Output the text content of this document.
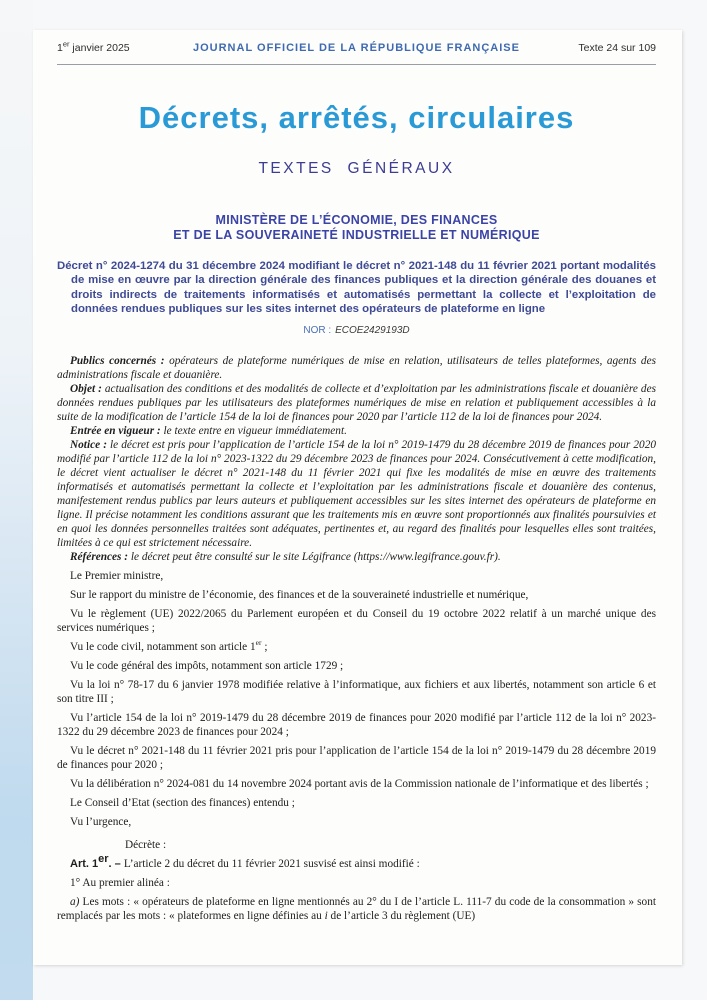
1er janvier 2025	JOURNAL OFFICIEL DE LA RÉPUBLIQUE FRANÇAISE	Texte 24 sur 109
Décrets, arrêtés, circulaires
TEXTES GÉNÉRAUX
MINISTÈRE DE L’ÉCONOMIE, DES FINANCES
ET DE LA SOUVERAINETÉ INDUSTRIELLE ET NUMÉRIQUE
Décret n° 2024-1274 du 31 décembre 2024 modifiant le décret n° 2021-148 du 11 février 2021 portant modalités de mise en œuvre par la direction générale des finances publiques et la direction générale des douanes et droits indirects de traitements informatisés et automatisés permettant la collecte et l’exploitation de données rendues publiques sur les sites internet des opérateurs de plateforme en ligne
NOR : ECOE2429193D

Publics concernés : opérateurs de plateforme numériques de mise en relation, utilisateurs de telles plateformes, agents des administrations fiscale et douanière.

Objet : actualisation des conditions et des modalités de collecte et d’exploitation par les administrations fiscale et douanière des données rendues publiques par les utilisateurs des plateformes numériques de mise en relation et publiquement accessibles à la suite de la modification de l’article 154 de la loi de finances pour 2020 par l’article 112 de la loi de finances pour 2024.

Entrée en vigueur : le texte entre en vigueur immédiatement.

Notice : le décret est pris pour l’application de l’article 154 de la loi n° 2019-1479 du 28 décembre 2019 de finances pour 2020 modifié par l’article 112 de la loi n° 2023-1322 du 29 décembre 2023 de finances pour 2024. Consécutivement à cette modification, le décret vient actualiser le décret n° 2021-148 du 11 février 2021 qui fixe les modalités de mise en œuvre des traitements informatisés et automatisés permettant la collecte et l’exploitation par les administrations fiscale et douanière des contenus, manifestement rendus publics par leurs auteurs et publiquement accessibles sur les sites internet des opérateurs de plateforme en ligne. Il précise notamment les conditions assurant que les traitements mis en œuvre sont proportionnés aux finalités poursuivies et en quoi les données personnelles traitées sont adéquates, pertinentes et, au regard des finalités pour lesquelles elles sont traitées, limitées à ce qui est strictement nécessaire.

Références : le décret peut être consulté sur le site Légifrance (https://www.legifrance.gouv.fr).

Le Premier ministre,

Sur le rapport du ministre de l’économie, des finances et de la souveraineté industrielle et numérique,

Vu le règlement (UE) 2022/2065 du Parlement européen et du Conseil du 19 octobre 2022 relatif à un marché unique des services numériques ;

Vu le code civil, notamment son article 1er ;

Vu le code général des impôts, notamment son article 1729 ;

Vu la loi n° 78-17 du 6 janvier 1978 modifiée relative à l’informatique, aux fichiers et aux libertés, notamment son article 6 et son titre III ;

Vu l’article 154 de la loi n° 2019-1479 du 28 décembre 2019 de finances pour 2020 modifié par l’article 112 de la loi n° 2023-1322 du 29 décembre 2023 de finances pour 2024 ;

Vu le décret n° 2021-148 du 11 février 2021 pris pour l’application de l’article 154 de la loi n° 2019-1479 du 28 décembre 2019 de finances pour 2020 ;

Vu la délibération n° 2024-081 du 14 novembre 2024 portant avis de la Commission nationale de l’informatique et des libertés ;

Le Conseil d’Etat (section des finances) entendu ;

Vu l’urgence,

Décrète :

Art. 1er. – L’article 2 du décret du 11 février 2021 susvisé est ainsi modifié :

1° Au premier alinéa :

a) Les mots : « opérateurs de plateforme en ligne mentionnés au 2° du I de l’article L. 111-7 du code de la consommation » sont remplacés par les mots : « plateformes en ligne définies au i de l’article 3 du règlement (UE)
